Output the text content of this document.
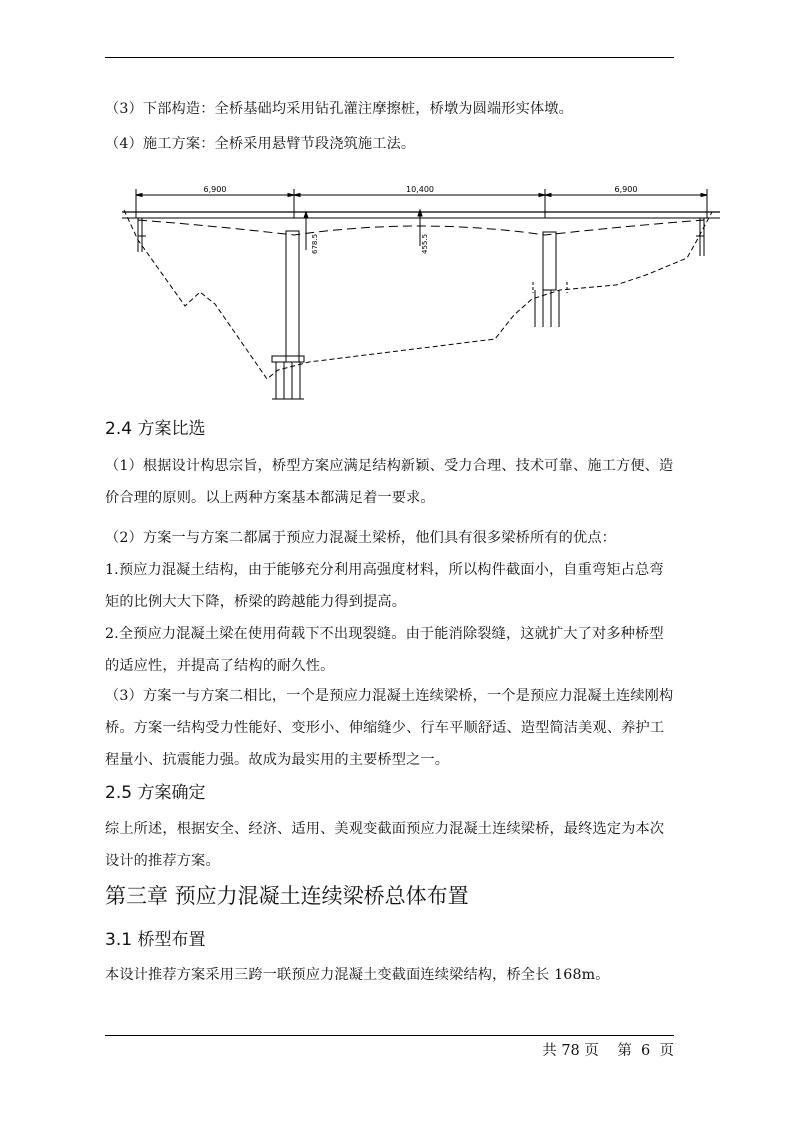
（3）下部构造：全桥基础均采用钻孔灌注摩擦桩，桥墩为圆端形实体墩。

（4）施工方案：全桥采用悬臂节段浇筑施工法。

6,900	10,400	6,900
678.5	455.5
2.4 方案比选

（1）根据设计构思宗旨，桥型方案应满足结构新颖、受力合理、技术可靠、施工方便、造价合理的原则。以上两种方案基本都满足着一要求。

（2）方案一与方案二都属于预应力混凝土梁桥，他们具有很多梁桥所有的优点：

1.预应力混凝土结构，由于能够充分利用高强度材料，所以构件截面小，自重弯矩占总弯矩的比例大大下降，桥梁的跨越能力得到提高。

2.全预应力混凝土梁在使用荷载下不出现裂缝。由于能消除裂缝，这就扩大了对多种桥型的适应性，并提高了结构的耐久性。

（3）方案一与方案二相比，一个是预应力混凝土连续梁桥，一个是预应力混凝土连续刚构桥。方案一结构受力性能好、变形小、伸缩缝少、行车平顺舒适、造型简洁美观、养护工程量小、抗震能力强。故成为最实用的主要桥型之一。

2.5 方案确定

综上所述，根据安全、经济、适用、美观变截面预应力混凝土连续梁桥，最终选定为本次设计的推荐方案。

第三章 预应力混凝土连续梁桥总体布置
3.1 桥型布置

本设计推荐方案采用三跨一联预应力混凝土变截面连续梁结构，桥全长 168m。

共 78 页 第  6  页
